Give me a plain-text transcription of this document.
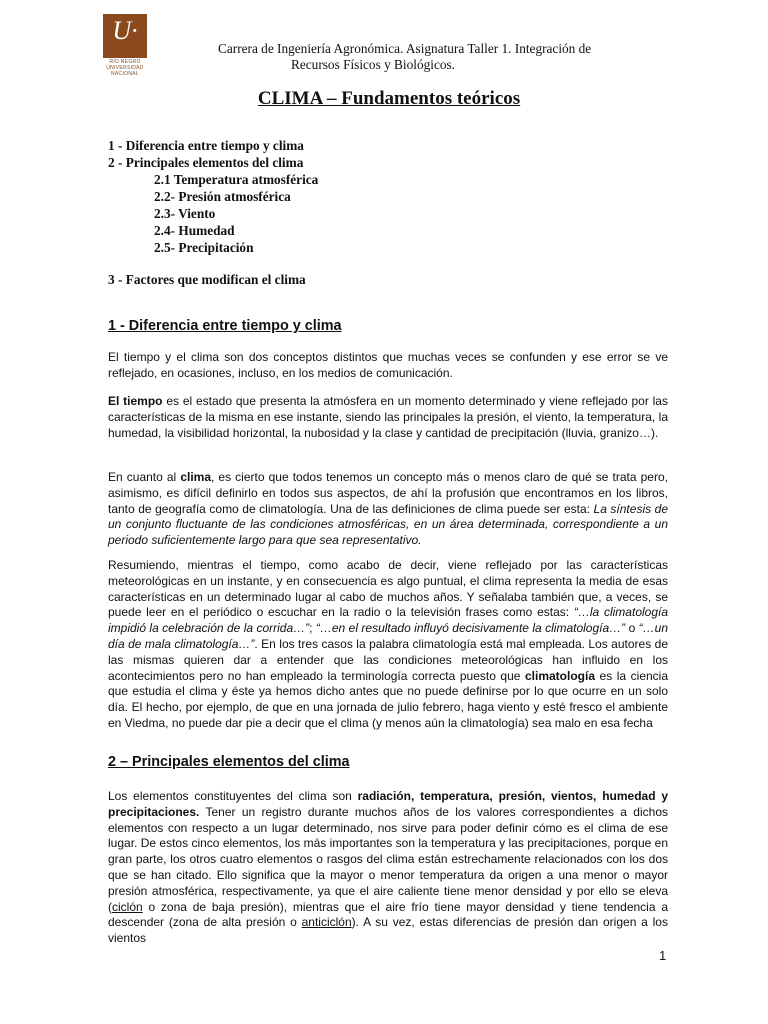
U·
RÍO NEGRO UNIVERSIDAD NACIONAL
Carrera de Ingeniería Agronómica. Asignatura Taller 1. Integración de
Recursos Físicos y Biológicos.
CLIMA – Fundamentos teóricos
1 - Diferencia entre tiempo y clima
2 - Principales elementos del clima
2.1 Temperatura atmosférica
2.2- Presión atmosférica
2.3- Viento
2.4- Humedad
2.5- Precipitación
3 - Factores que modifican el clima
1 - Diferencia entre tiempo y clima

El tiempo y el clima son dos conceptos distintos que muchas veces se confunden y ese error se ve reflejado, en ocasiones, incluso, en los medios de comunicación.

El tiempo es el estado que presenta la atmósfera en un momento determinado y viene reflejado por las características de la misma en ese instante, siendo las principales la presión, el viento, la temperatura, la humedad, la visibilidad horizontal, la nubosidad y la clase y cantidad de precipitación (lluvia, granizo…).

En cuanto al clima, es cierto que todos tenemos un concepto más o menos claro de qué se trata pero, asimismo, es difícil definirlo en todos sus aspectos, de ahí la profusión que encontramos en los libros, tanto de geografía como de climatología. Una de las definiciones de clima puede ser esta: La síntesis de un conjunto fluctuante de las condiciones atmosféricas, en un área determinada, correspondiente a un periodo suficientemente largo para que sea representativo.

Resumiendo, mientras el tiempo, como acabo de decir, viene reflejado por las características meteorológicas en un instante, y en consecuencia es algo puntual, el clima representa la media de esas características en un determinado lugar al cabo de muchos años. Y señalaba también que, a veces, se puede leer en el periódico o escuchar en la radio o la televisión frases como estas: “…la climatología impidió la celebración de la corrida…”; “…en el resultado influyó decisivamente la climatología…” o “…un día de mala climatología…”. En los tres casos la palabra climatología está mal empleada. Los autores de las mismas quieren dar a entender que las condiciones meteorológicas han influido en los acontecimientos pero no han empleado la terminología correcta puesto que climatología es la ciencia que estudia el clima y éste ya hemos dicho antes que no puede definirse por lo que ocurre en un solo día. El hecho, por ejemplo, de que en una jornada de julio febrero, haga viento y esté fresco el ambiente en Viedma, no puede dar pie a decir que el clima (y menos aún la climatología) sea malo en esa fecha

2 – Principales elementos del clima

Los elementos constituyentes del clima son radiación, temperatura, presión, vientos, humedad y precipitaciones. Tener un registro durante muchos años de los valores correspondientes a dichos elementos con respecto a un lugar determinado, nos sirve para poder definir cómo es el clima de ese lugar. De estos cinco elementos, los más importantes son la temperatura y las precipitaciones, porque en gran parte, los otros cuatro elementos o rasgos del clima están estrechamente relacionados con los dos que se han citado. Ello significa que la mayor o menor temperatura da origen a una menor o mayor presión atmosférica, respectivamente, ya que el aire caliente tiene menor densidad y por ello se eleva (ciclón o zona de baja presión), mientras que el aire frío tiene mayor densidad y tiene tendencia a descender (zona de alta presión o anticiclón). A su vez, estas diferencias de presión dan origen a los vientos

1
